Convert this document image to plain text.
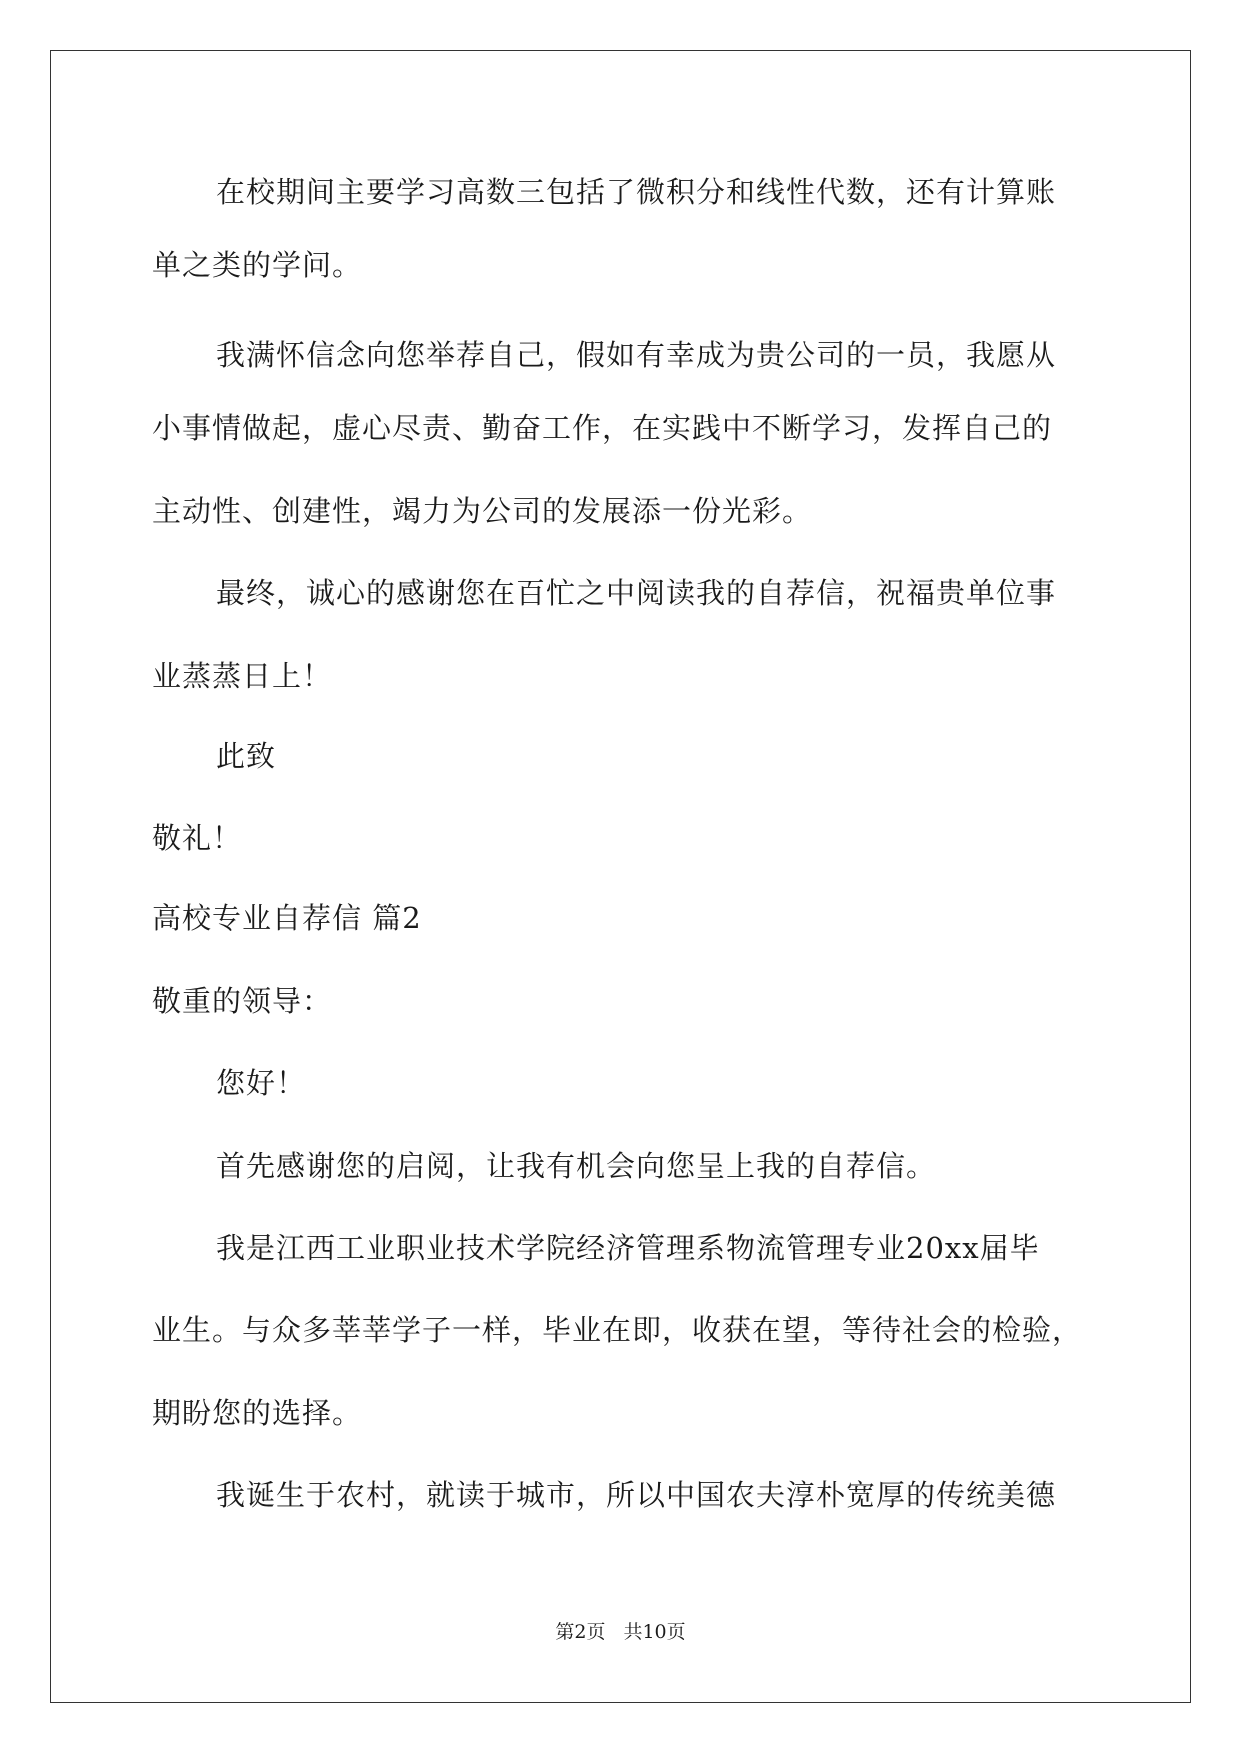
在校期间主要学习高数三包括了微积分和线性代数，还有计算账
单之类的学问。
我满怀信念向您举荐自己，假如有幸成为贵公司的一员，我愿从
小事情做起，虚心尽责、勤奋工作，在实践中不断学习，发挥自己的
主动性、创建性，竭力为公司的发展添一份光彩。
最终，诚心的感谢您在百忙之中阅读我的自荐信，祝福贵单位事
业蒸蒸日上！
此致
敬礼！
高校专业自荐信 篇2
敬重的领导：
您好！
首先感谢您的启阅，让我有机会向您呈上我的自荐信。
我是江西工业职业技术学院经济管理系物流管理专业20xx届毕
业生。与众多莘莘学子一样，毕业在即，收获在望，等待社会的检验，
期盼您的选择。
我诞生于农村，就读于城市，所以中国农夫淳朴宽厚的传统美德
第2页 共10页
